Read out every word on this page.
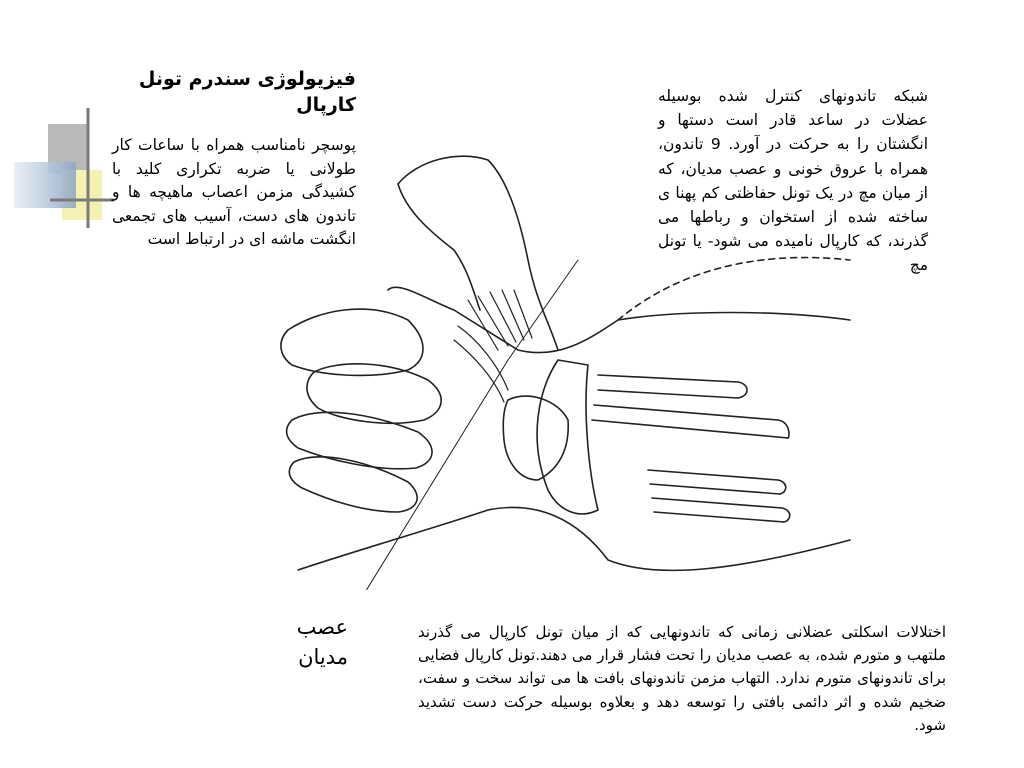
فیزیولوژی سندرم تونل کارپال

پوسچر نامناسب همراه با ساعات کار طولانی یا ضربه تکراری کلید با کشیدگی مزمن اعصاب ماهیچه ها و تاندون های دست، آسیب های تجمعی انگشت ماشه ای در ارتباط است

شبکه تاندونهای کنترل شده بوسیله عضلات در ساعد قادر است دستها و انگشتان را به حرکت در آورد. 9 تاندون، همراه با عروق خونی و عصب مدیان، که از میان مچ در یک تونل حفاظتی کم پهنا ی ساخته شده از استخوان و رباطها می گذرند، که کارپال نامیده می شود- یا تونل مچ

عصب مدیان

اختلالات اسکلتی عضلانی زمانی که تاندونهایی که از میان تونل کارپال می گذرند ملتهب و متورم شده، به عصب مدیان را تحت فشار قرار می دهند.تونل کارپال فضایی برای تاندونهای متورم ندارد. التهاب مزمن تاندونهای بافت ها می تواند سخت و سفت، ضخیم شده و اثر دائمی بافتی را توسعه دهد و بعلاوه بوسیله حرکت دست تشدید شود.
